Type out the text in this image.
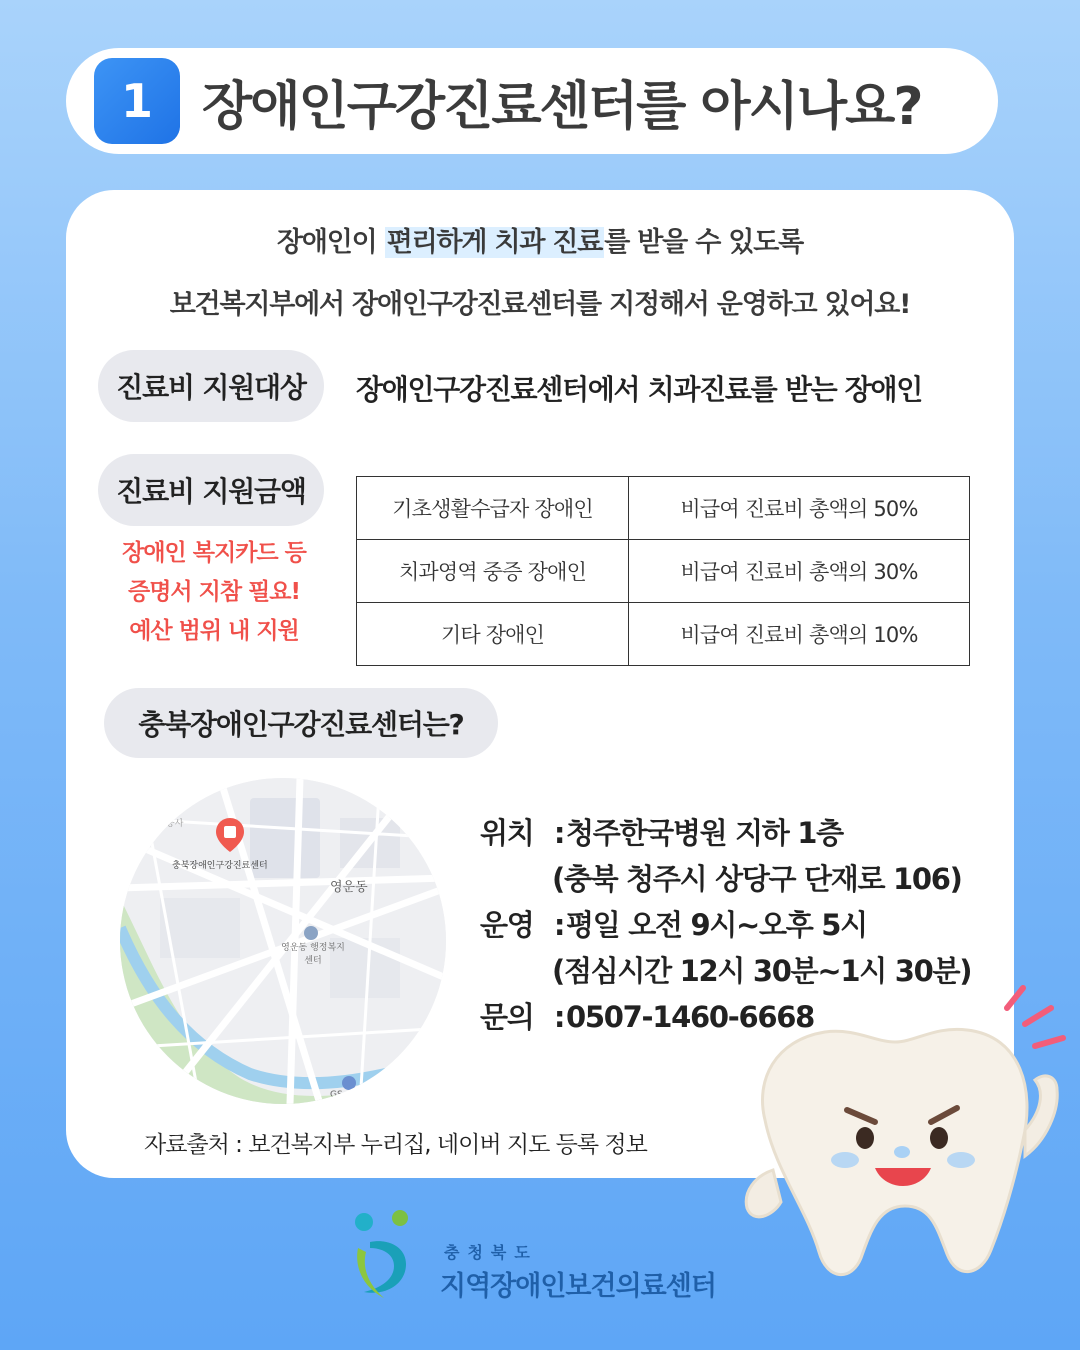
1 장애인구강진료센터를 아시나요?
장애인이 편리하게 치과 진료를 받을 수 있도록
보건복지부에서 장애인구강진료센터를 지정해서 운영하고 있어요!
진료비 지원대상	장애인구강진료센터에서 치과진료를 받는 장애인
진료비 지원금액
장애인 복지카드 등
증명서 지참 필요!
예산 범위 내 지원
기초생활수급자 장애인	비급여 진료비 총액의 50%
치과영역 중증 장애인	비급여 진료비 총액의 30%
기타 장애인	비급여 진료비 총액의 10%
충북장애인구강진료센터는?
충북장애인구강진료센터
공사
영운동
영운동 행정복지센터
GS
위치 : 청주한국병원 지하 1층
(충북 청주시 상당구 단재로 106)
운영 : 평일 오전 9시~오후 5시
(점심시간 12시 30분~1시 30분)
문의 : 0507-1460-6668
자료출처 : 보건복지부 누리집, 네이버 지도 등록 정보
충청북도
지역장애인보건의료센터
